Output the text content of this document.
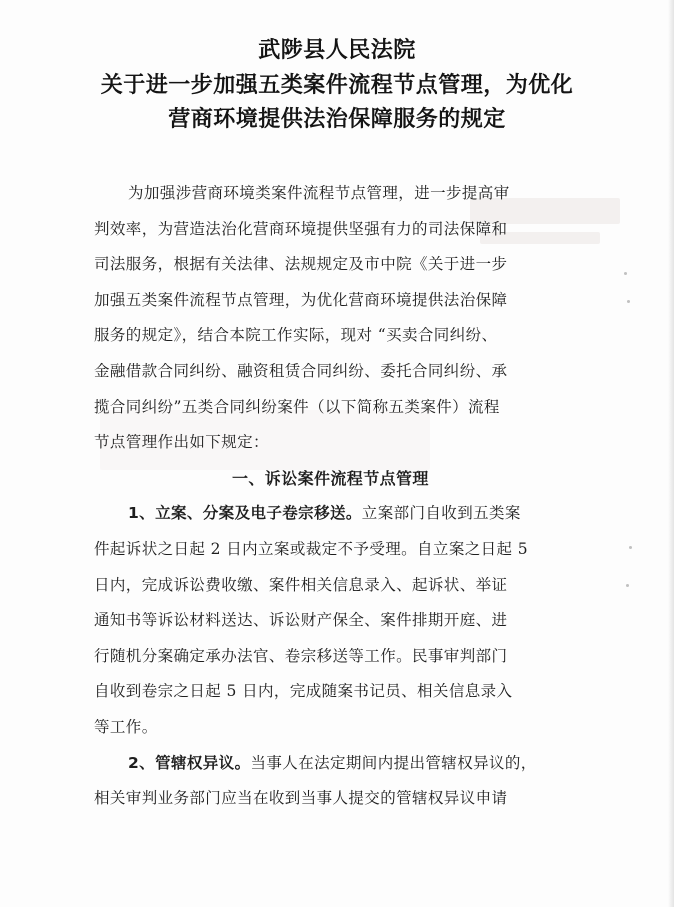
武陟县人民法院
关于进一步加强五类案件流程节点管理，为优化
营商环境提供法治保障服务的规定
为加强涉营商环境类案件流程节点管理，进一步提高审
判效率，为营造法治化营商环境提供坚强有力的司法保障和
司法服务，根据有关法律、法规规定及市中院《关于进一步
加强五类案件流程节点管理，为优化营商环境提供法治保障
服务的规定》，结合本院工作实际，现对 “买卖合同纠纷、
金融借款合同纠纷、融资租赁合同纠纷、委托合同纠纷、承
揽合同纠纷”五类合同纠纷案件（以下简称五类案件）流程
节点管理作出如下规定：
一、诉讼案件流程节点管理
1、立案、分案及电子卷宗移送。立案部门自收到五类案
件起诉状之日起 2 日内立案或裁定不予受理。自立案之日起 5
日内，完成诉讼费收缴、案件相关信息录入、起诉状、举证
通知书等诉讼材料送达、诉讼财产保全、案件排期开庭、进
行随机分案确定承办法官、卷宗移送等工作。民事审判部门
自收到卷宗之日起 5 日内，完成随案书记员、相关信息录入
等工作。
2、管辖权异议。当事人在法定期间内提出管辖权异议的，
相关审判业务部门应当在收到当事人提交的管辖权异议申请
